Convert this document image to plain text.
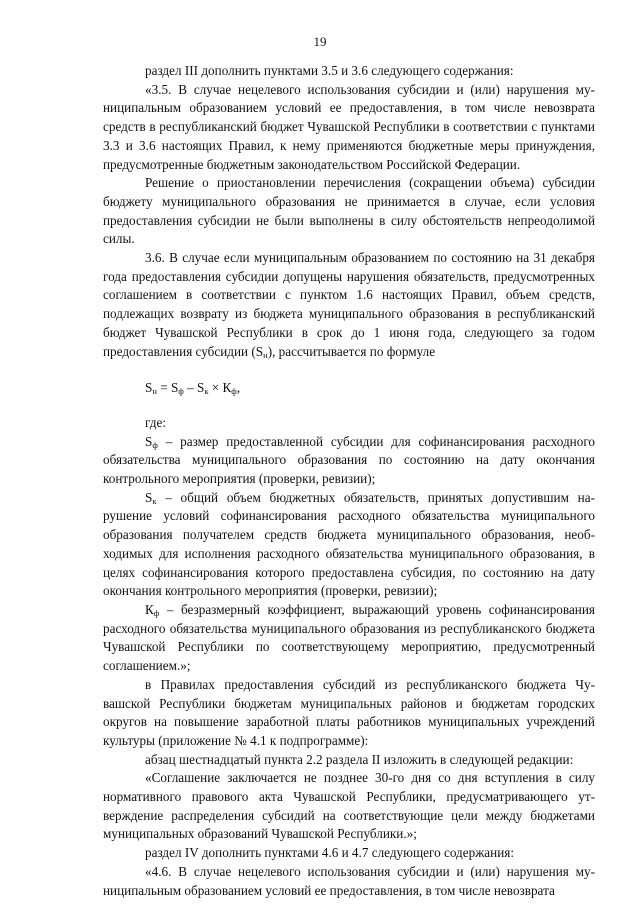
19

раздел III дополнить пунктами 3.5 и 3.6 следующего содержания:

«3.5. В случае нецелевого использования субсидии и (или) нарушения муниципальным образованием условий ее предоставления, в том числе невозврата средств в республиканский бюджет Чувашской Республики в соответствии с пунктами 3.3 и 3.6 настоящих Правил, к нему применяются бюджетные меры принуждения, предусмотренные бюджетным законодательством Российской Федерации.

Решение о приостановлении перечисления (сокращении объема) субсидии бюджету муниципального образования не принимается в случае, если условия предоставления субсидии не были выполнены в силу обстоятельств непреодолимой силы.

3.6. В случае если муниципальным образованием по состоянию на 31 декабря года предоставления субсидии допущены нарушения обязательств, предусмотренных соглашением в соответствии с пунктом 1.6 настоящих Правил, объем средств, подлежащих возврату из бюджета муниципального образования в республиканский бюджет Чувашской Республики в срок до 1 июня года, следующего за годом предоставления субсидии $(S_н)$, рассчитывается по формуле

$S_н = S_ф - S_к \times К_ф$,

где:

$S_ф$ – размер предоставленной субсидии для софинансирования расходного обязательства муниципального образования по состоянию на дату окончания контрольного мероприятия (проверки, ревизии);

$S_к$ – общий объем бюджетных обязательств, принятых допустившим нарушение условий софинансирования расходного обязательства муниципального образования получателем средств бюджета муниципального образования, необходимых для исполнения расходного обязательства муниципального образования, в целях софинансирования которого предоставлена субсидия, по состоянию на дату окончания контрольного мероприятия (проверки, ревизии);

$К_ф$ – безразмерный коэффициент, выражающий уровень софинансирования расходного обязательства муниципального образования из республиканского бюджета Чувашской Республики по соответствующему мероприятию, предусмотренный соглашением.»;

в Правилах предоставления субсидий из республиканского бюджета Чувашской Республики бюджетам муниципальных районов и бюджетам городских округов на повышение заработной платы работников муниципальных учреждений культуры (приложение № 4.1 к подпрограмме):

абзац шестнадцатый пункта 2.2 раздела II изложить в следующей редакции:

«Соглашение заключается не позднее 30-го дня со дня вступления в силу нормативного правового акта Чувашской Республики, предусматривающего утверждение распределения субсидий на соответствующие цели между бюджетами муниципальных образований Чувашской Республики.»;

раздел IV дополнить пунктами 4.6 и 4.7 следующего содержания:

«4.6. В случае нецелевого использования субсидии и (или) нарушения муниципальным образованием условий ее предоставления, в том числе невозврата
